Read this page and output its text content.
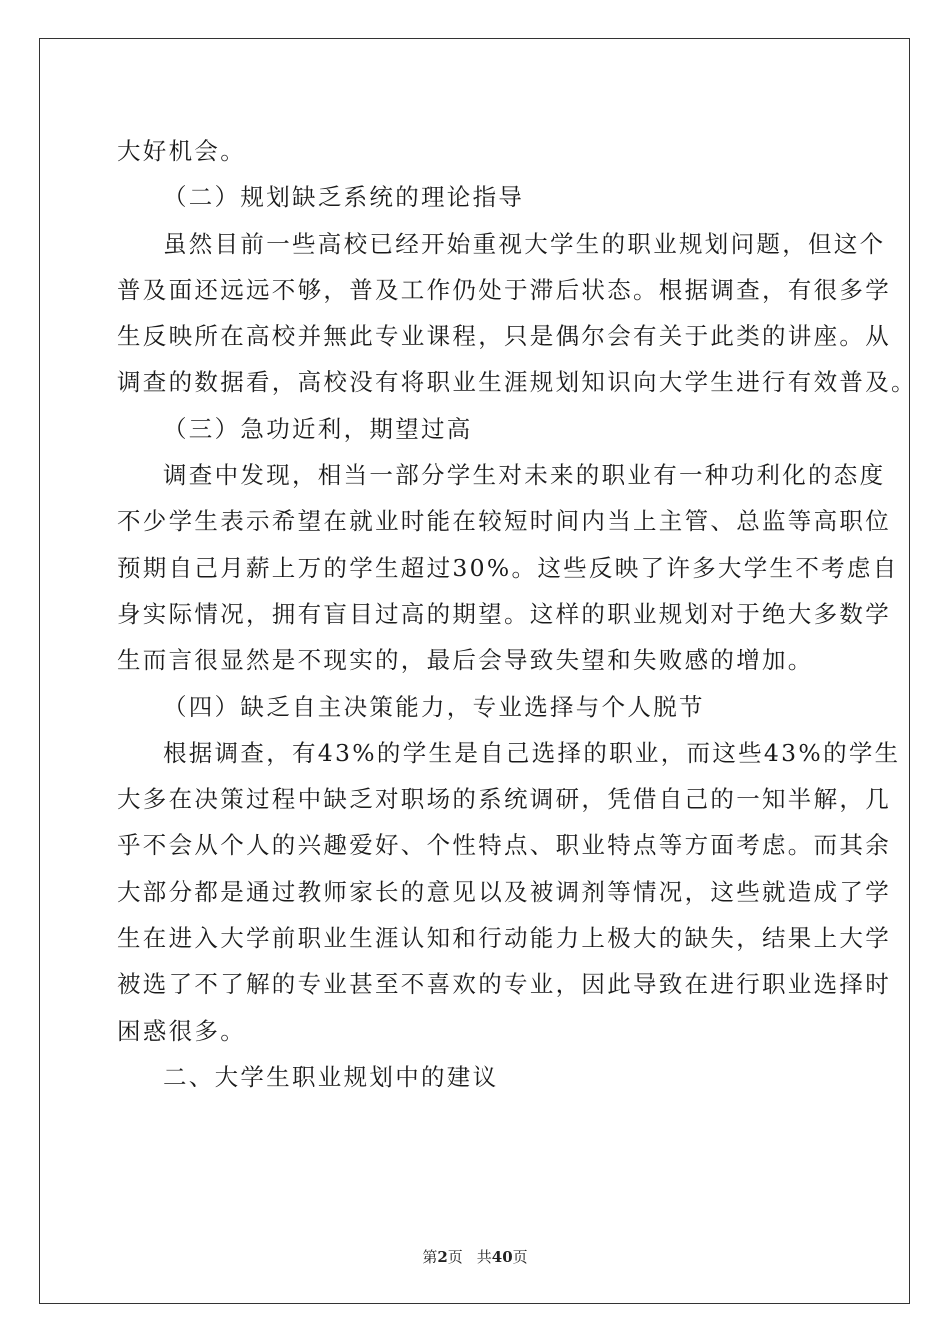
大好机会。
（二）规划缺乏系统的理论指导
虽然目前一些高校已经开始重视大学生的职业规划问题，但这个
普及面还远远不够，普及工作仍处于滞后状态。根据调查，有很多学
生反映所在高校并無此专业课程，只是偶尔会有关于此类的讲座。从
调查的数据看，高校没有将职业生涯规划知识向大学生进行有效普及。
（三）急功近利，期望过高
调查中发现，相当一部分学生对未来的职业有一种功利化的态度
不少学生表示希望在就业时能在较短时间内当上主管、总监等高职位
预期自己月薪上万的学生超过30%。这些反映了许多大学生不考虑自
身实际情况，拥有盲目过高的期望。这样的职业规划对于绝大多数学
生而言很显然是不现实的，最后会导致失望和失败感的增加。
（四）缺乏自主决策能力，专业选择与个人脱节
根据调查，有43%的学生是自己选择的职业，而这些43%的学生
大多在决策过程中缺乏对职场的系统调研，凭借自己的一知半解，几
乎不会从个人的兴趣爱好、个性特点、职业特点等方面考虑。而其余
大部分都是通过教师家长的意见以及被调剂等情况，这些就造成了学
生在进入大学前职业生涯认知和行动能力上极大的缺失，结果上大学
被选了不了解的专业甚至不喜欢的专业，因此导致在进行职业选择时
困惑很多。
二、大学生职业规划中的建议
第2页 共40页
